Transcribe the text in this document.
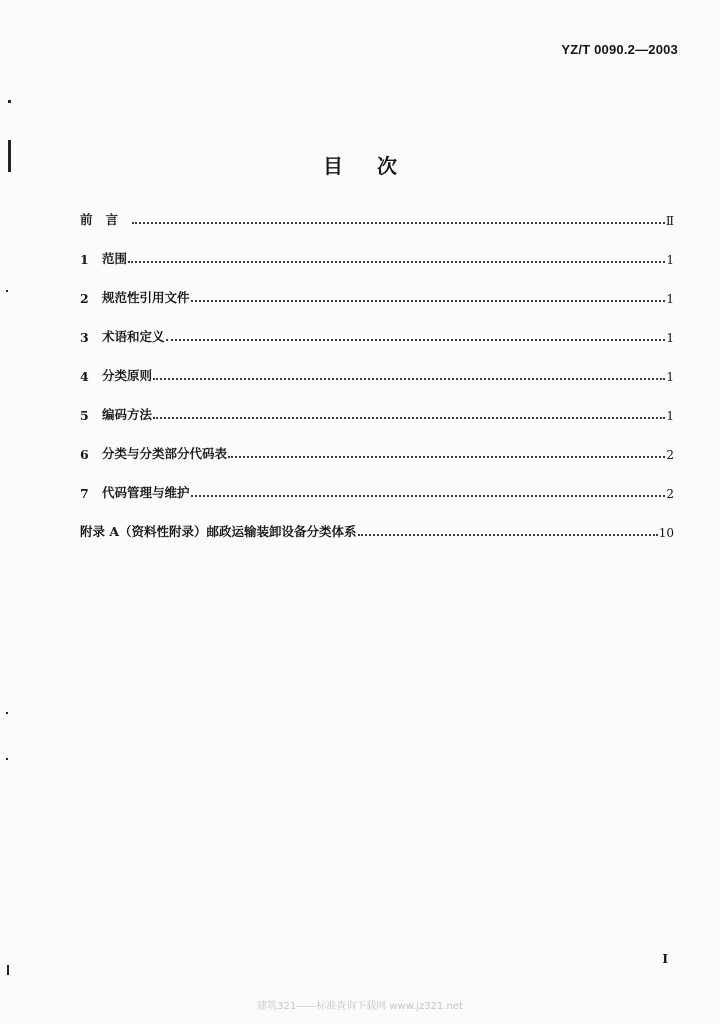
YZ/T 0090.2—2003
目次
前言	Ⅱ
1	范围	1
2	规范性引用文件	1
3	术语和定义	1
4	分类原则	1
5	编码方法	1
6	分类与分类部分代码表	2
7	代码管理与维护	2
附录 A（资料性附录）邮政运输装卸设备分类体系	10
I
建筑321——标准查询下载网 www.jz321.net
